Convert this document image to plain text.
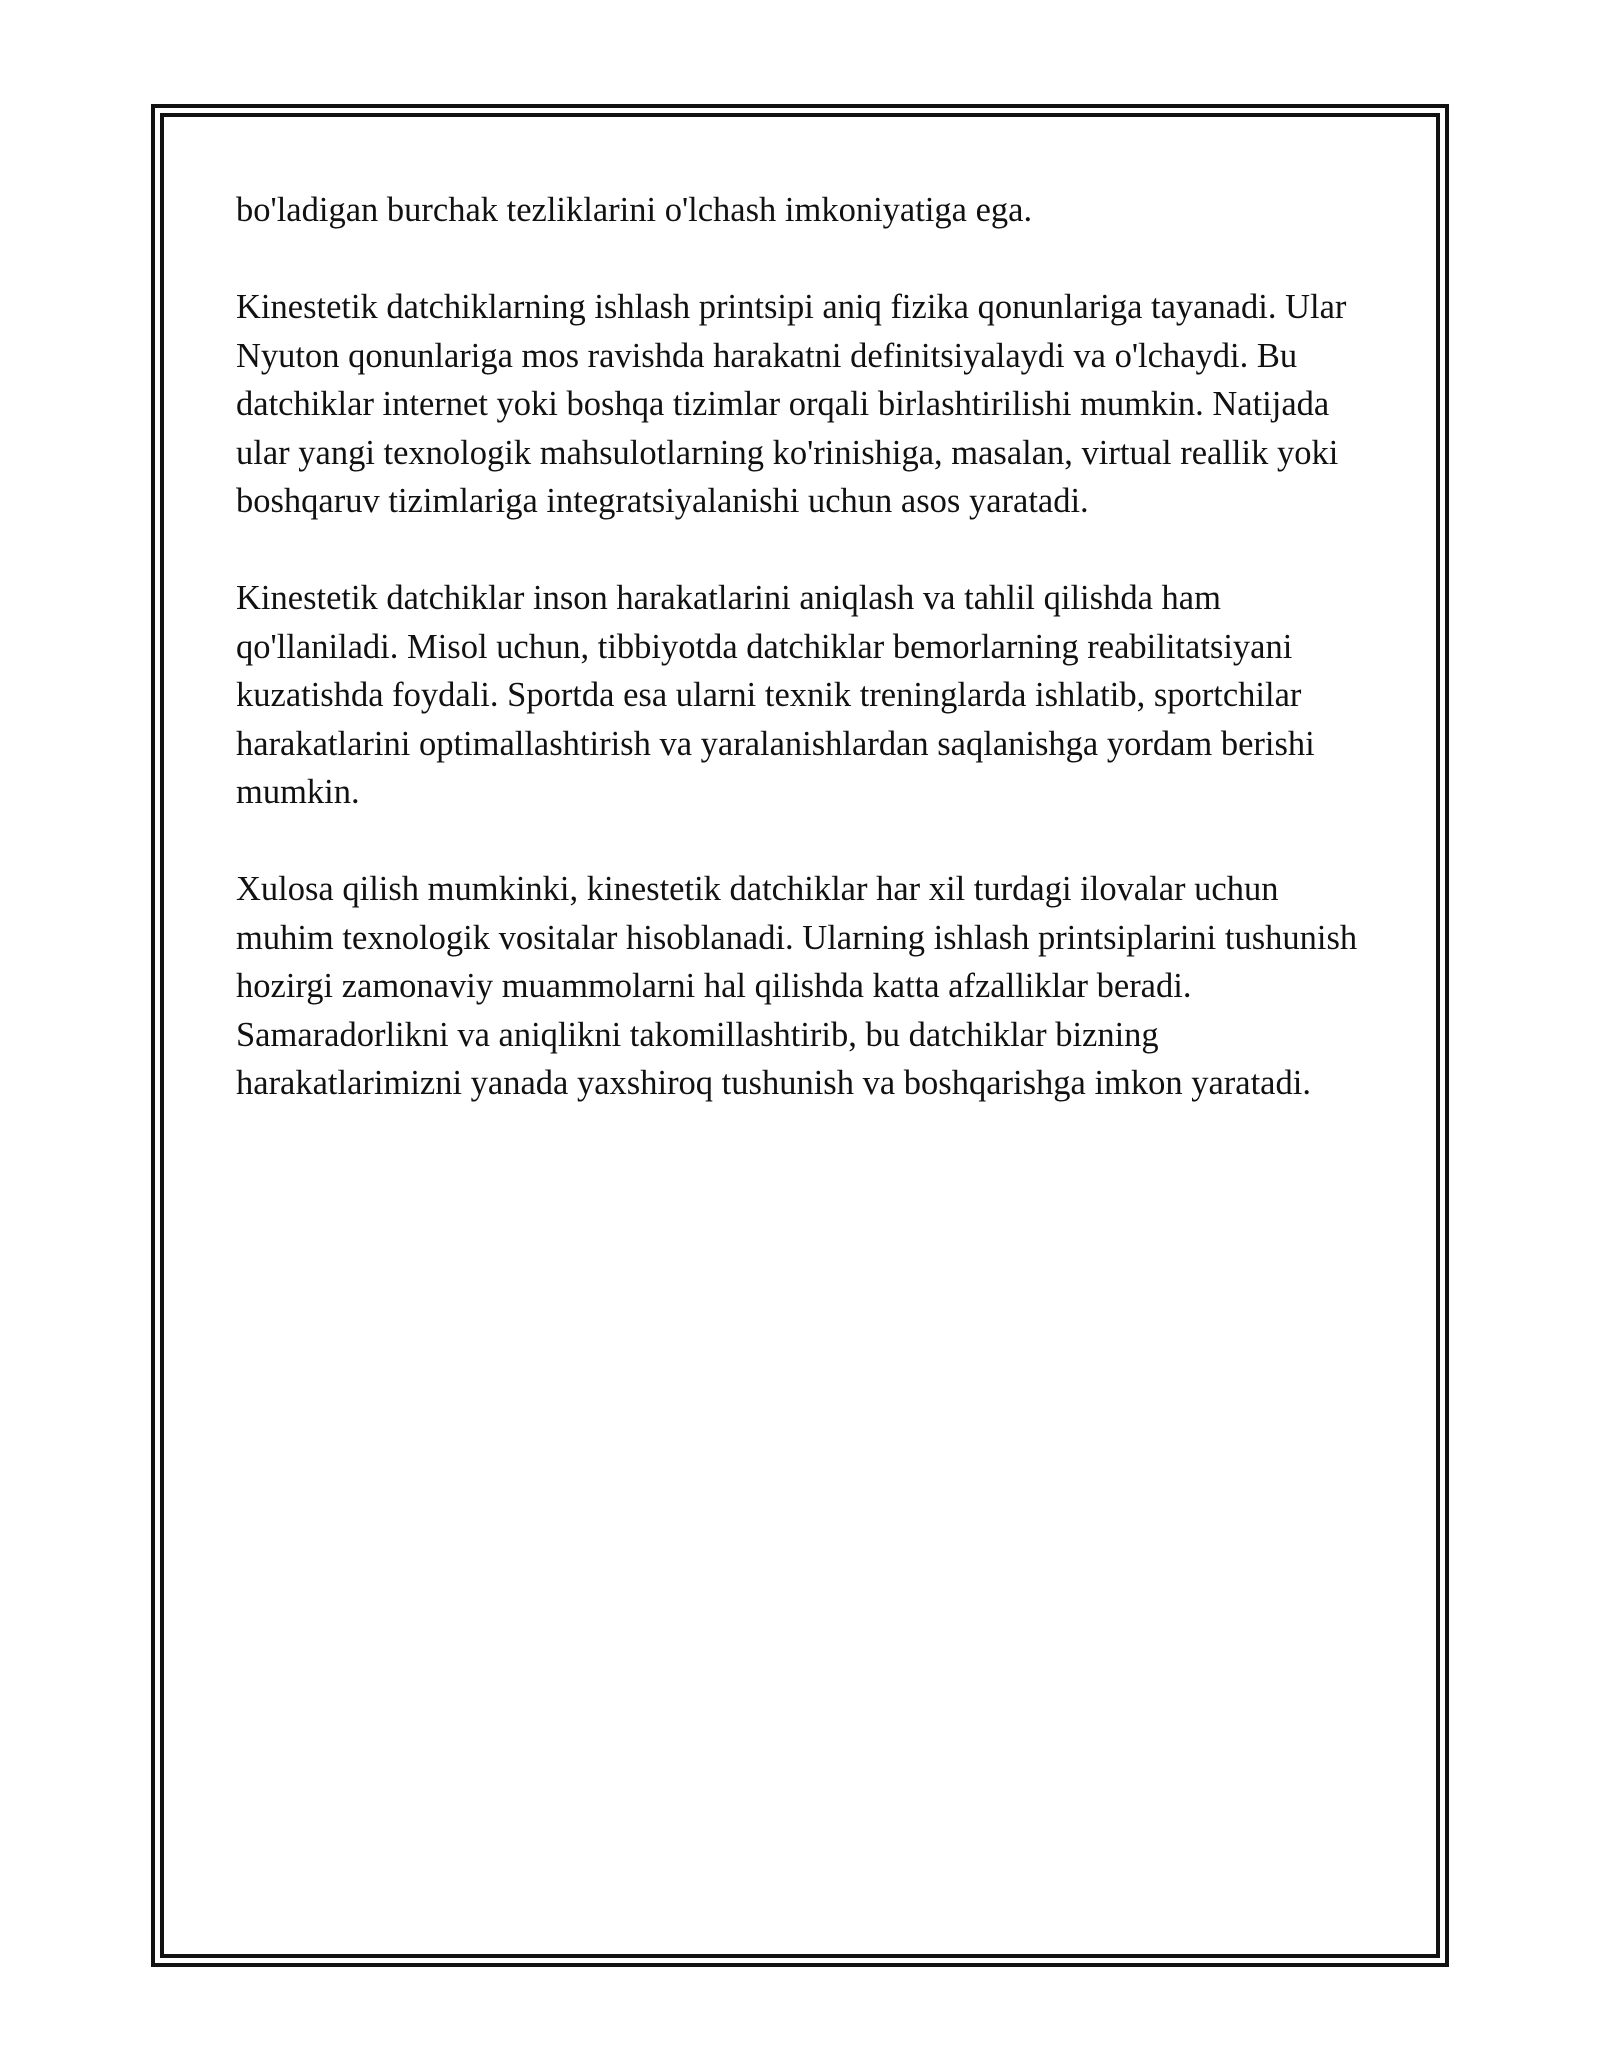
bo'ladigan burchak tezliklarini o'lchash imkoniyatiga ega.

Kinestetik datchiklarning ishlash printsipi aniq fizika qonunlariga tayanadi. Ular Nyuton qonunlariga mos ravishda harakatni definitsiyalaydi va o'lchaydi. Bu datchiklar internet yoki boshqa tizimlar orqali birlashtirilishi mumkin. Natijada ular yangi texnologik mahsulotlarning ko'rinishiga, masalan, virtual reallik yoki boshqaruv tizimlariga integratsiyalanishi uchun asos yaratadi.

Kinestetik datchiklar inson harakatlarini aniqlash va tahlil qilishda ham qo'llaniladi. Misol uchun, tibbiyotda datchiklar bemorlarning reabilitatsiyani kuzatishda foydali. Sportda esa ularni texnik treninglarda ishlatib, sportchilar harakatlarini optimallashtirish va yaralanishlardan saqlanishga yordam berishi mumkin.

Xulosa qilish mumkinki, kinestetik datchiklar har xil turdagi ilovalar uchun muhim texnologik vositalar hisoblanadi. Ularning ishlash printsiplarini tushunish hozirgi zamonaviy muammolarni hal qilishda katta afzalliklar beradi. Samaradorlikni va aniqlikni takomillashtirib, bu datchiklar bizning harakatlarimizni yanada yaxshiroq tushunish va boshqarishga imkon yaratadi.
